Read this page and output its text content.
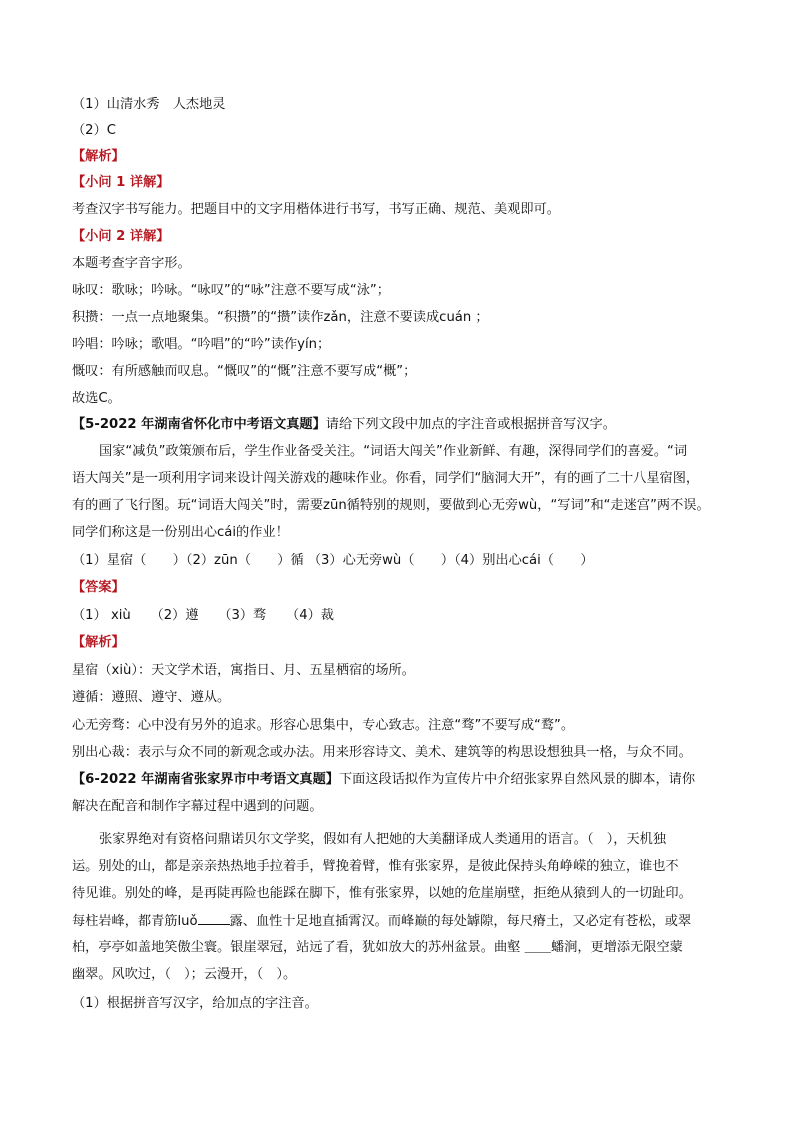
（1）山清水秀　人杰地灵
（2）C
【解析】
【小问 1 详解】
考查汉字书写能力。把题目中的文字用楷体进行书写，书写正确、规范、美观即可。
【小问 2 详解】
本题考查字音字形。
咏叹：歌咏；吟咏。“咏叹”的“咏”注意不要写成“泳”；
积攒：一点一点地聚集。“积攒”的“攒”读作zǎn，注意不要读成cuán ；
吟唱：吟咏；歌唱。“吟唱”的“吟”读作yín；
慨叹：有所感触而叹息。“慨叹”的“慨”注意不要写成“概”；
故选C。
【5-2022 年湖南省怀化市中考语文真题】请给下列文段中加点的字注音或根据拼音写汉字。
国家“减负”政策颁布后，学生作业备受关注。“词语大闯关”作业新鲜、有趣，深得同学们的喜爱。“词
语大闯关”是一项利用字词来设计闯关游戏的趣味作业。你看，同学们“脑洞大开”，有的画了二十八星宿图，
有的画了飞行图。玩“词语大闯关”时，需要zūn循特别的规则，要做到心无旁wù，“写词”和“走迷宫”两不误。
同学们称这是一份别出心cái的作业！
（1）星宿（　　）（2）zūn（　　）循 （3）心无旁wù（　　）（4）别出心cái（　　）
【答案】
（1） xiù　　（2）遵　　（3）骛　　（4）裁
【解析】
星宿（xiù）：天文学术语，寓指日、月、五星栖宿的场所。
遵循：遵照、遵守、遵从。
心无旁骛：心中没有另外的追求。形容心思集中，专心致志。注意“骛”不要写成“鹜”。
别出心裁：表示与众不同的新观念或办法。用来形容诗文、美术、建筑等的构思设想独具一格，与众不同。
【6-2022 年湖南省张家界市中考语文真题】下面这段话拟作为宣传片中介绍张家界自然风景的脚本，请你
解决在配音和制作字幕过程中遇到的问题。
张家界绝对有资格问鼎诺贝尔文学奖，假如有人把她的大美翻译成人类通用的语言。（　），天机独
运。别处的山，都是亲亲热热地手拉着手，臂挽着臂，惟有张家界，是彼此保持头角峥嵘的独立，谁也不
待见谁。别处的峰，是再陡再险也能踩在脚下，惟有张家界，以她的危崖崩壁，拒绝从猿到人的一切趾印。
每柱岩峰，都青筋luǒ 露、血性十足地直插霄汉。而峰巅的每处罅隙，每尺瘠土，又必定有苍松，或翠
柏，亭亭如盖地笑傲尘寰。银崖翠冠，站远了看，犹如放大的苏州盆景。曲壑 ＿＿蟠涧，更增添无限空蒙
幽翠。风吹过，（　）；云漫开，（　）。
（1）根据拼音写汉字，给加点的字注音。
